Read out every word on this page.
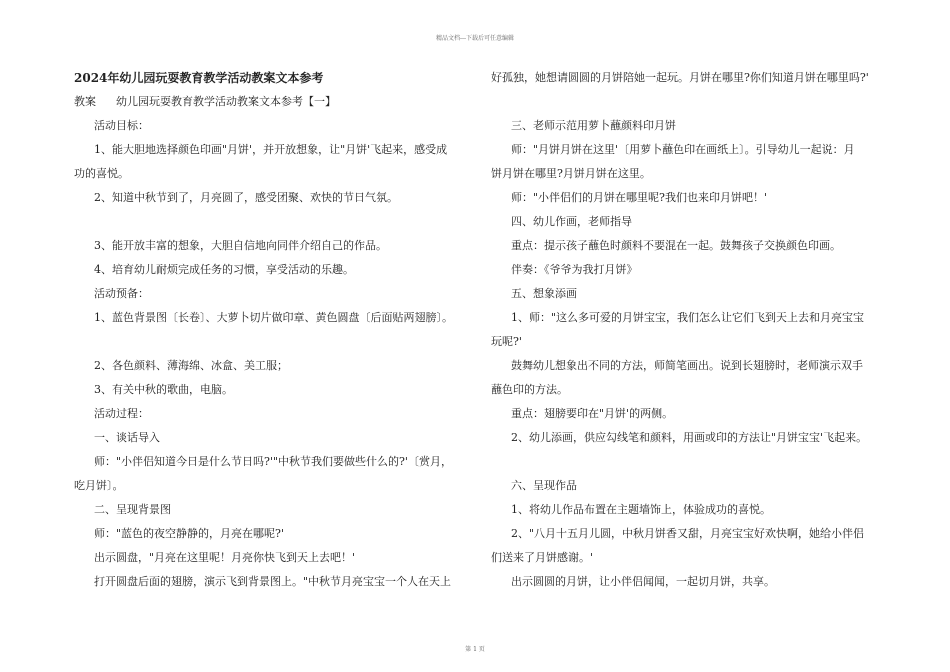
精品文档---下载后可任意编辑

2024年幼儿园玩耍教育教学活动教案文本参考

教案 幼儿园玩耍教育教学活动教案文本参考【一】

活动目标：

1、能大胆地选择颜色印画"月饼'，并开放想象，让"月饼'飞起来，感受成

功的喜悦。

2、知道中秋节到了，月亮圆了，感受团聚、欢快的节日气氛。

3、能开放丰富的想象，大胆自信地向同伴介绍自己的作品。

4、培育幼儿耐烦完成任务的习惯，享受活动的乐趣。

活动预备：

1、蓝色背景图〔长卷〕、大萝卜切片做印章、黄色圆盘〔后面贴两翅膀〕。

2、各色颜料、薄海绵、冰盒、美工服；

3、有关中秋的歌曲，电脑。

活动过程：

一、谈话导入

师："小伴侣知道今日是什么节日吗?'"中秋节我们要做些什么的?'〔赏月，

吃月饼〕。

二、呈现背景图

师："蓝色的夜空静静的，月亮在哪呢?'

出示圆盘，"月亮在这里呢！月亮你快飞到天上去吧！'

打开圆盘后面的翅膀，演示飞到背景图上。"中秋节月亮宝宝一个人在天上

好孤独，她想请圆圆的月饼陪她一起玩。月饼在哪里?你们知道月饼在哪里吗?'

三、老师示范用萝卜蘸颜料印月饼

师："月饼月饼在这里'〔用萝卜蘸色印在画纸上〕。引导幼儿一起说：月

饼月饼在哪里?月饼月饼在这里。

师："小伴侣们的月饼在哪里呢?我们也来印月饼吧！'

四、幼儿作画，老师指导

重点：提示孩子蘸色时颜料不要混在一起。鼓舞孩子交换颜色印画。

伴奏：《爷爷为我打月饼》

五、想象添画

1、师："这么多可爱的月饼宝宝，我们怎么让它们飞到天上去和月亮宝宝

玩呢?'

鼓舞幼儿想象出不同的方法，师简笔画出。说到长翅膀时，老师演示双手

蘸色印的方法。

重点：翅膀要印在"月饼'的两侧。

2、幼儿添画，供应勾线笔和颜料，用画或印的方法让"月饼宝宝'飞起来。

六、呈现作品

1、将幼儿作品布置在主题墙饰上，体验成功的喜悦。

2、"八月十五月儿圆，中秋月饼香又甜，月亮宝宝好欢快啊，她给小伴侣

们送来了月饼感谢。'

出示圆圆的月饼，让小伴侣闻闻，一起切月饼，共享。

第 1 页
